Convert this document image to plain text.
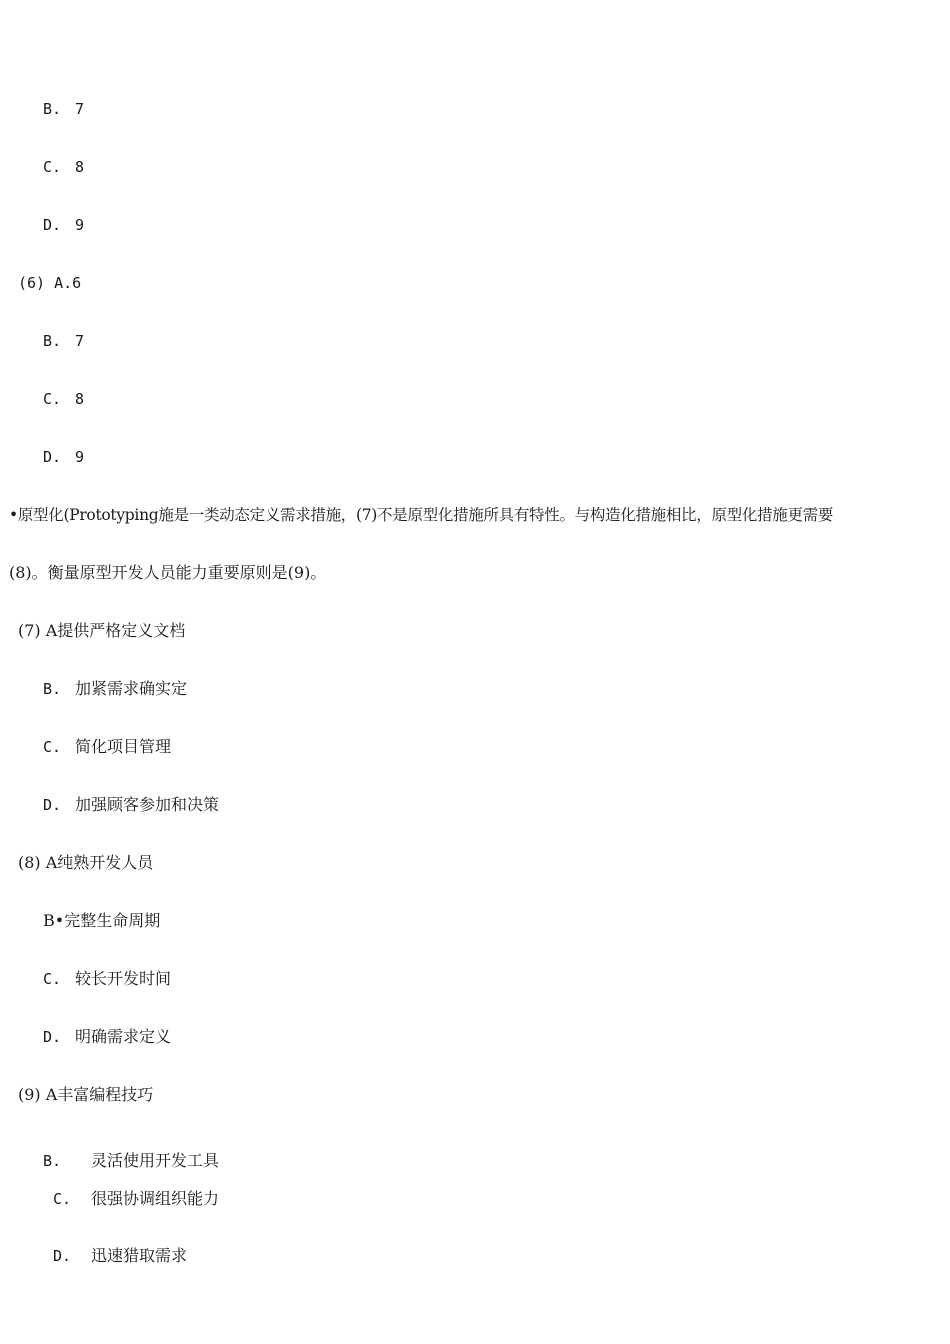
B. 7
C. 8
D. 9
(6) A.6
B. 7
C. 8
D. 9
•原型化(Prototyping施是一类动态定义需求措施，(7)不是原型化措施所具有特性。与构造化措施相比，原型化措施更需要
(8)。衡量原型开发人员能力重要原则是(9)。
(7) A提供严格定义文档
B. 加紧需求确实定
C. 简化项目管理
D. 加强顾客参加和决策
(8) A纯熟开发人员
B•完整生命周期
C. 较长开发时间
D. 明确需求定义
(9) A丰富编程技巧
B. 灵活使用开发工具
C. 很强协调组织能力
D. 迅速猎取需求
